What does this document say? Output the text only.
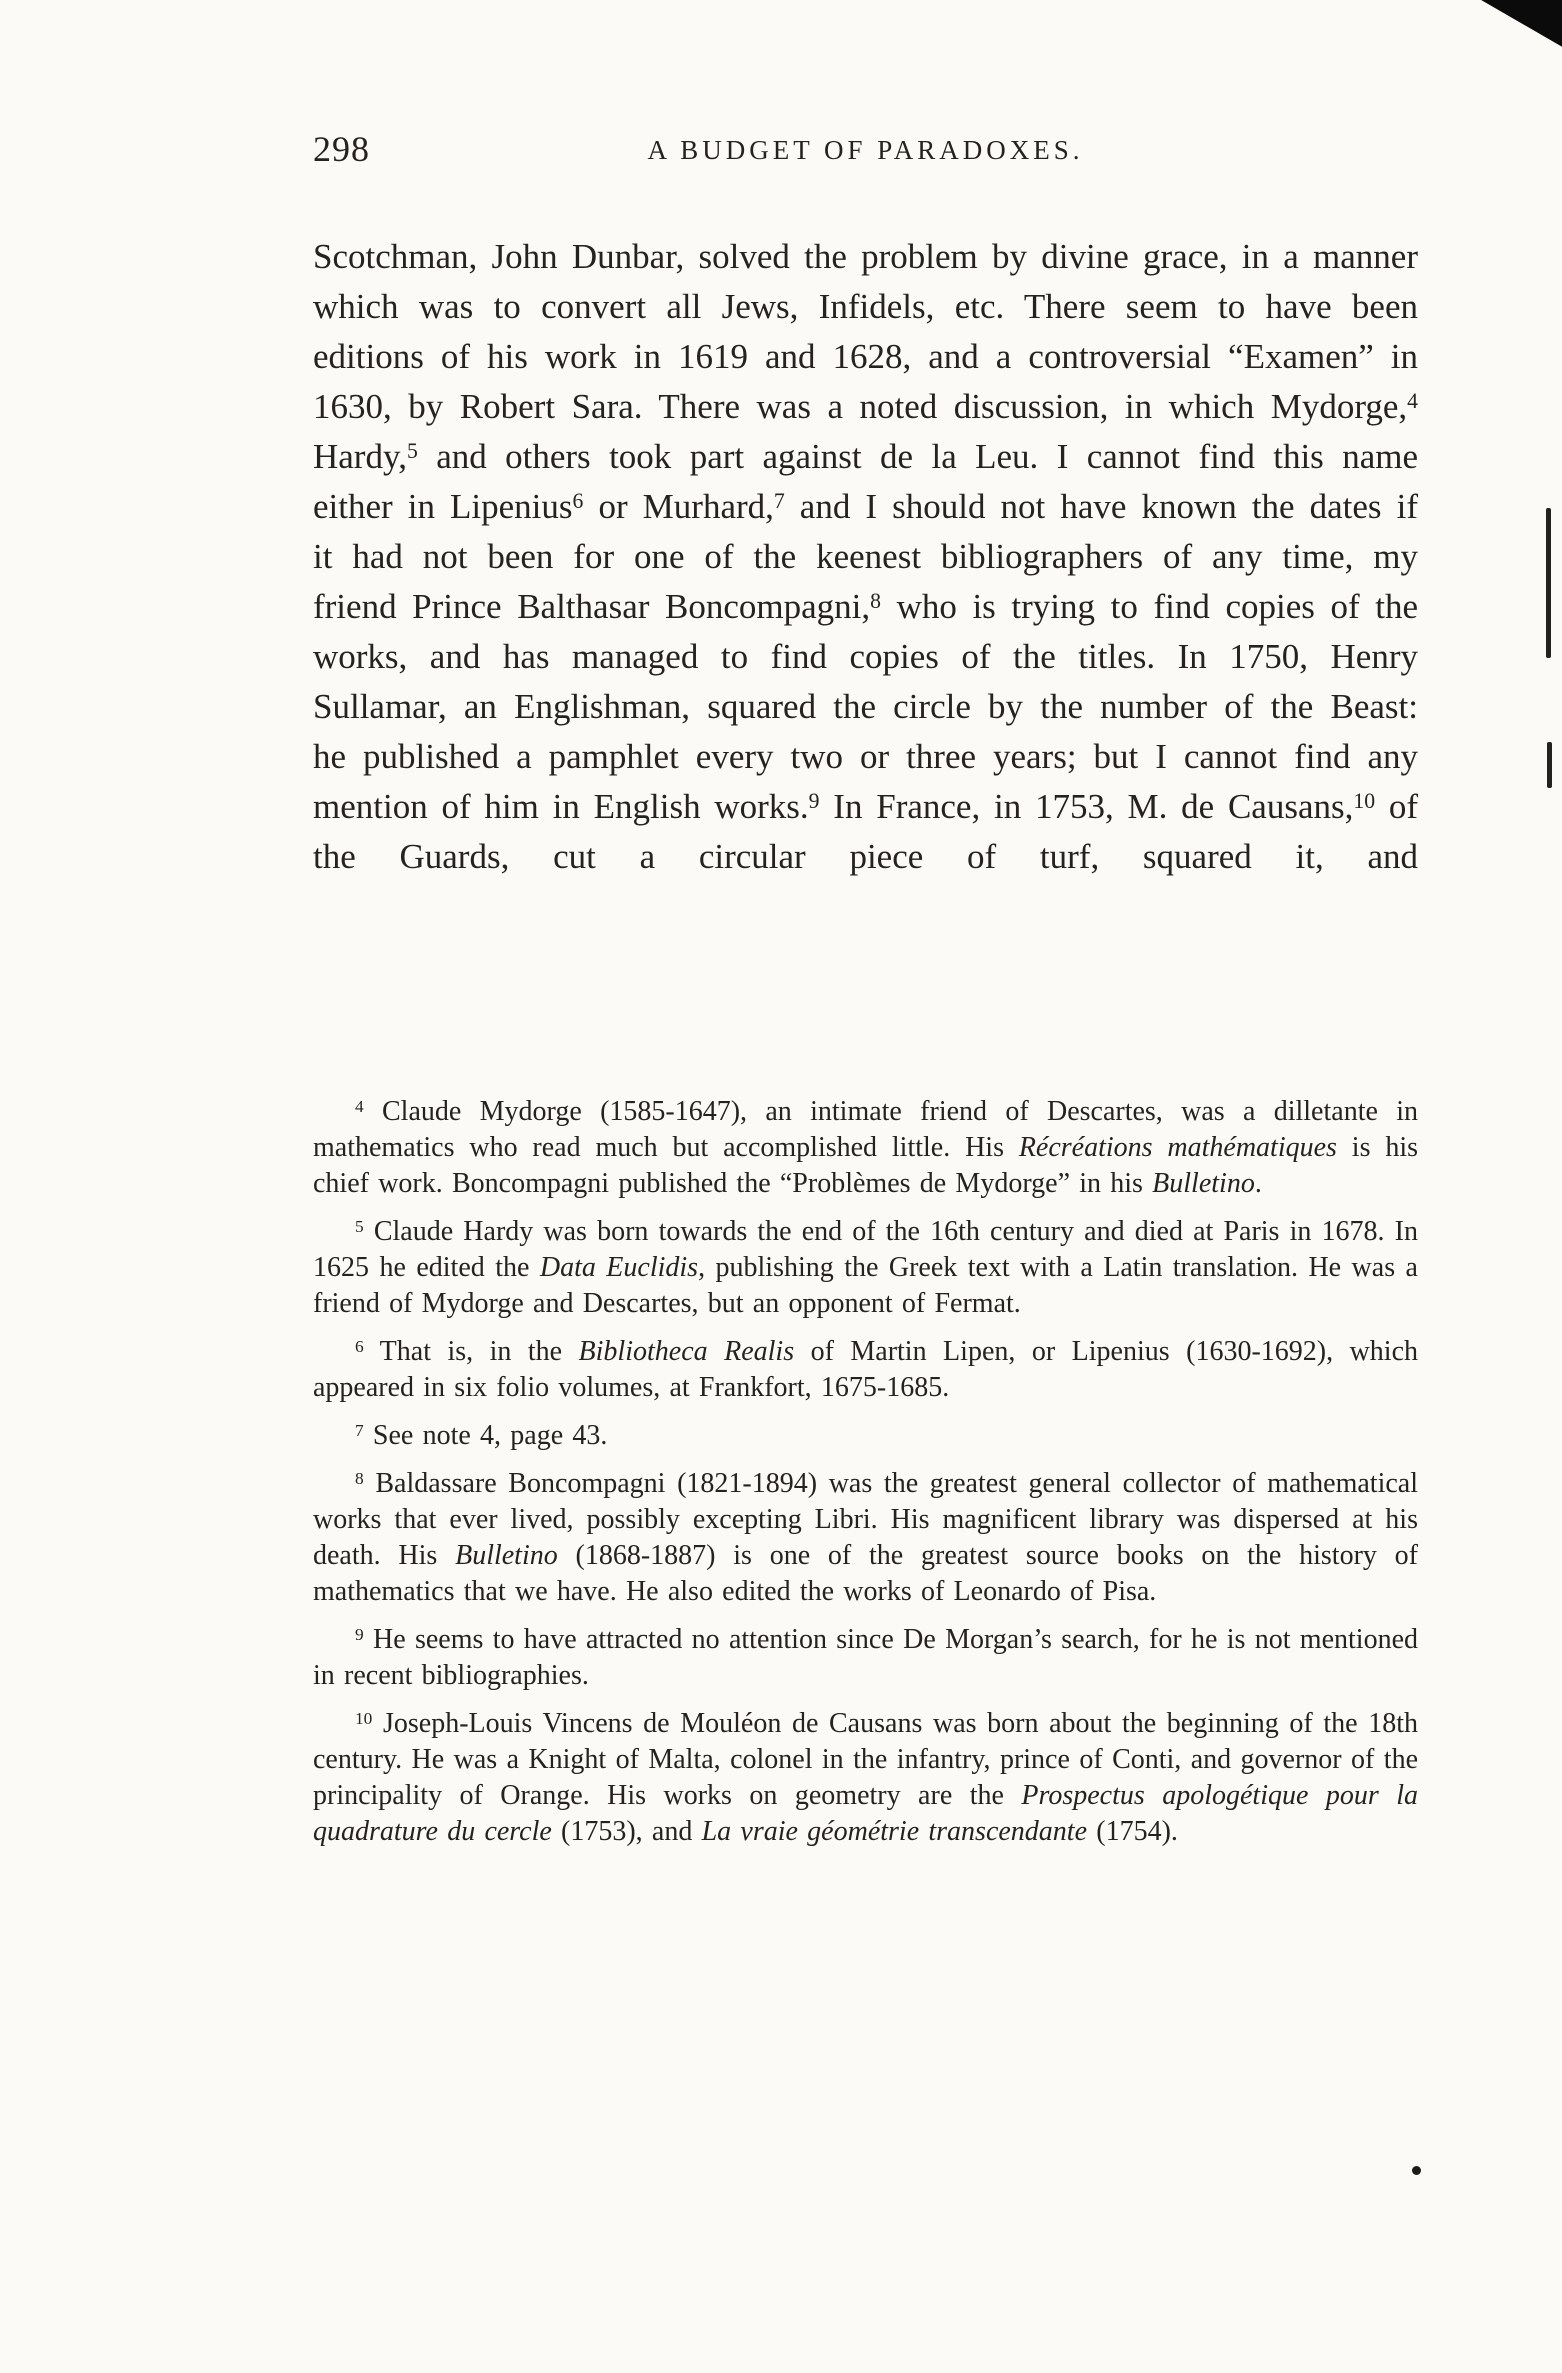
298	A BUDGET OF PARADOXES.
Scotchman, John Dunbar, solved the problem by divine grace, in a manner which was to convert all Jews, Infidels, etc. There seem to have been editions of his work in 1619 and 1628, and a controversial “Examen” in 1630, by Robert Sara. There was a noted discussion, in which Mydorge,$^4$ Hardy,$^5$ and others took part against de la Leu. I cannot find this name either in Lipenius$^6$ or Murhard,$^7$ and I should not have known the dates if it had not been for one of the keenest bibliographers of any time, my friend Prince Balthasar Boncompagni,$^8$ who is trying to find copies of the works, and has managed to find copies of the titles. In 1750, Henry Sullamar, an Englishman, squared the circle by the number of the Beast: he published a pamphlet every two or three years; but I cannot find any mention of him in English works.$^9$ In France, in 1753, M. de Causans,$^{10}$ of the Guards, cut a circular piece of turf, squared it, and

$^4$ Claude Mydorge (1585-1647), an intimate friend of Descartes, was a dilletante in mathematics who read much but accomplished little. His Récréations mathématiques is his chief work. Boncompagni published the “Problèmes de Mydorge” in his Bulletino.

$^5$ Claude Hardy was born towards the end of the 16th century and died at Paris in 1678. In 1625 he edited the Data Euclidis, publishing the Greek text with a Latin translation. He was a friend of Mydorge and Descartes, but an opponent of Fermat.

$^6$ That is, in the Bibliotheca Realis of Martin Lipen, or Lipenius (1630-1692), which appeared in six folio volumes, at Frankfort, 1675-1685.

$^7$ See note 4, page 43.

$^8$ Baldassare Boncompagni (1821-1894) was the greatest general collector of mathematical works that ever lived, possibly excepting Libri. His magnificent library was dispersed at his death. His Bulletino (1868-1887) is one of the greatest source books on the history of mathematics that we have. He also edited the works of Leonardo of Pisa.

$^9$ He seems to have attracted no attention since De Morgan’s search, for he is not mentioned in recent bibliographies.

$^{10}$ Joseph-Louis Vincens de Mouléon de Causans was born about the beginning of the 18th century. He was a Knight of Malta, colonel in the infantry, prince of Conti, and governor of the principality of Orange. His works on geometry are the Prospectus apologétique pour la quadrature du cercle (1753), and La vraie géométrie transcendante (1754).
